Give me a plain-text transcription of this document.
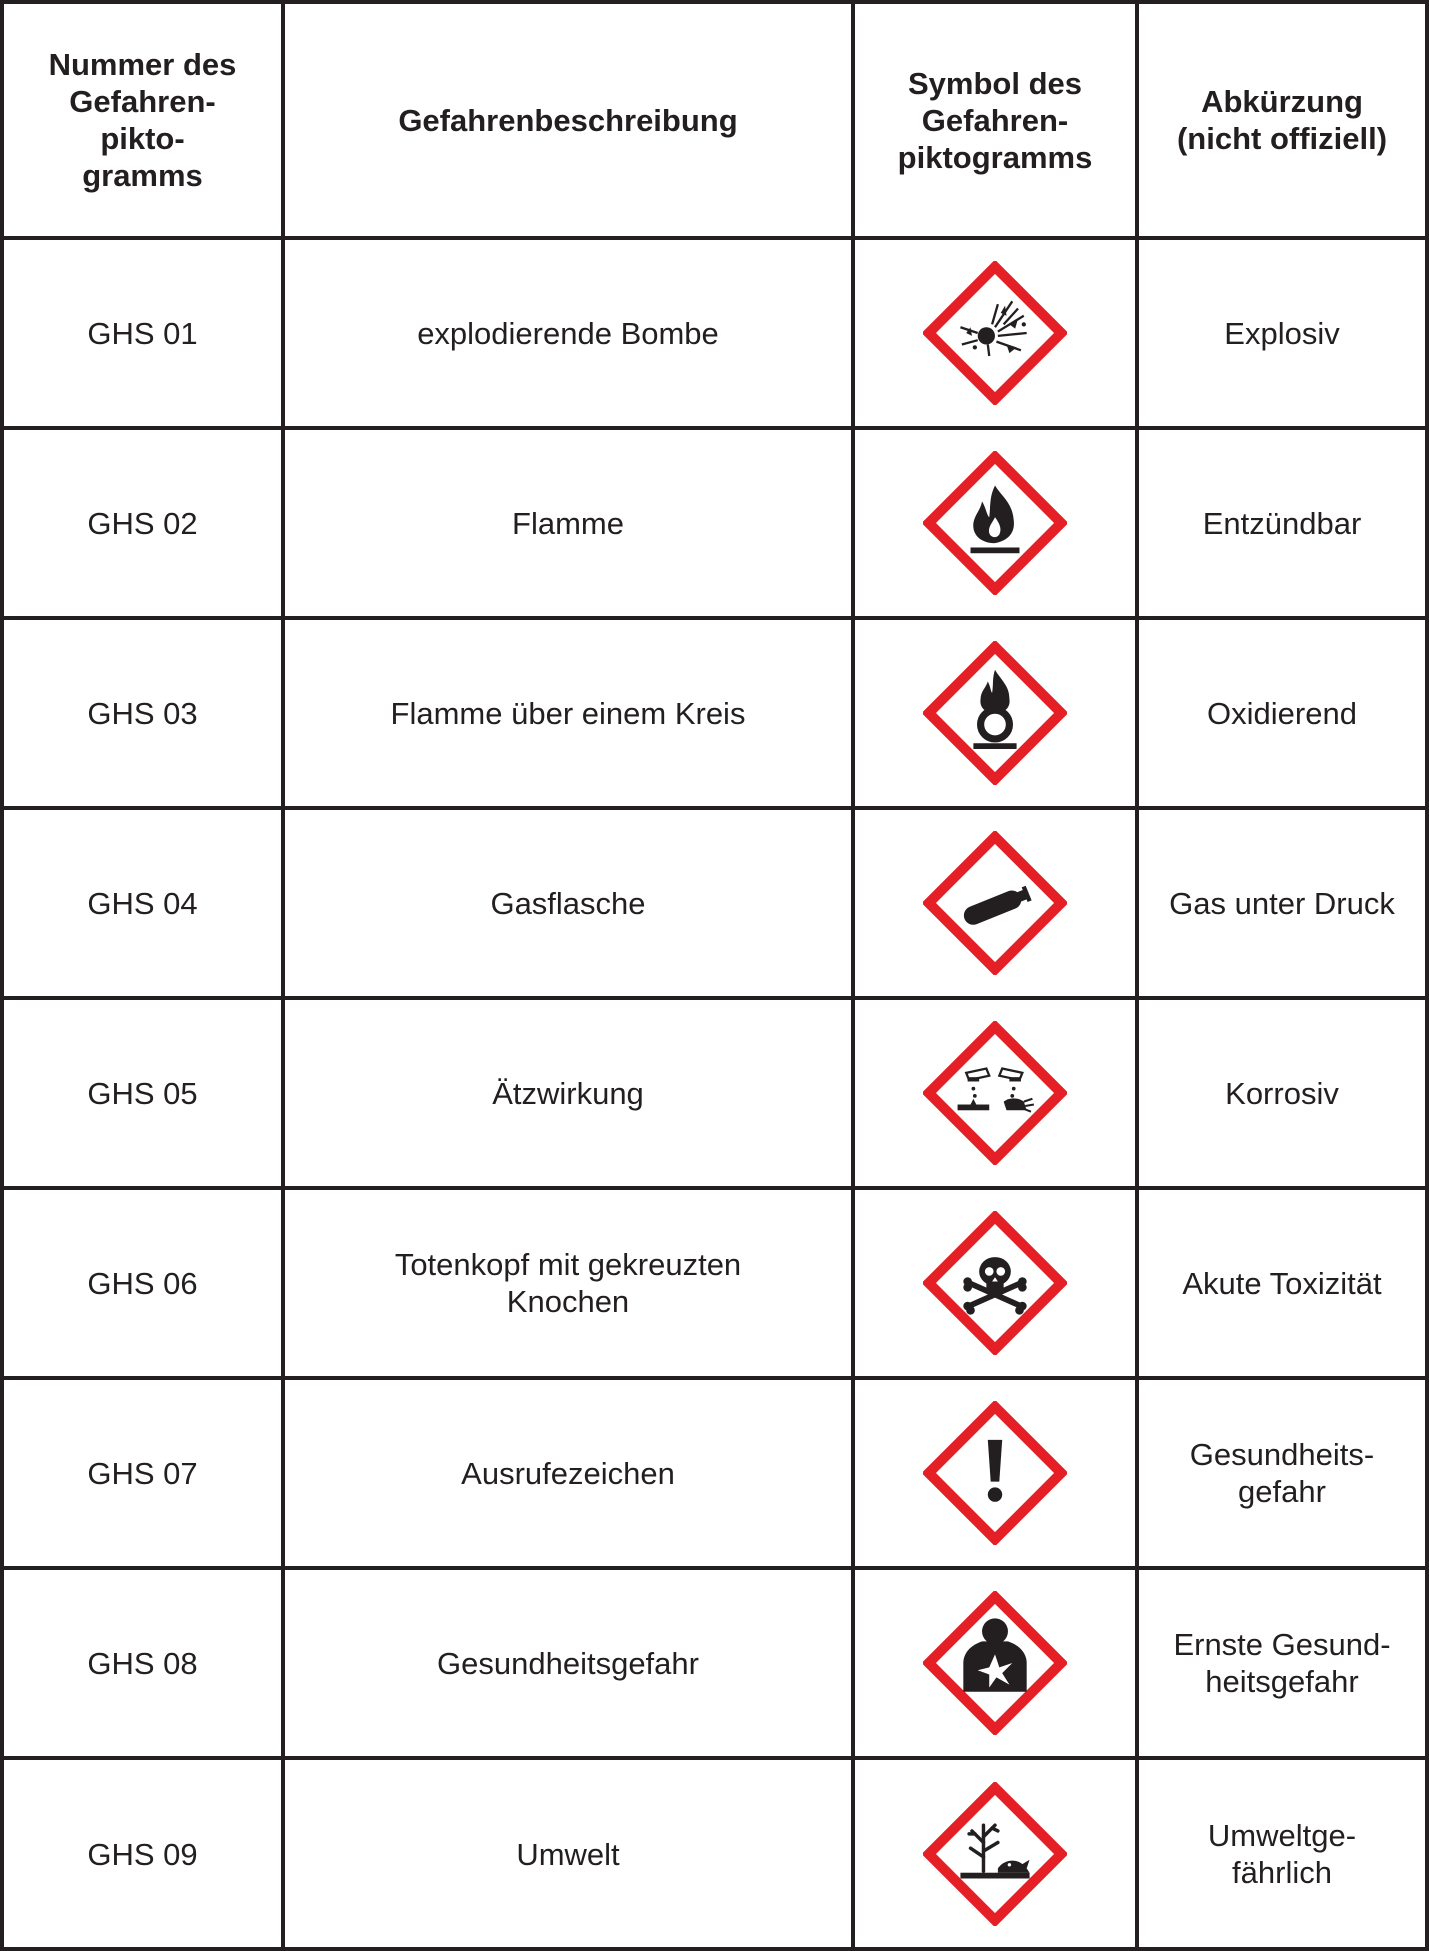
Nummer des
Gefahren-
pikto-
gramms	Gefahrenbeschreibung	Symbol des
Gefahren-
piktogramms	Abkürzung
(nicht offiziell)
GHS 01	explodierende Bombe		Explosiv
GHS 02	Flamme		Entzündbar
GHS 03	Flamme über einem Kreis		Oxidierend
GHS 04	Gasflasche		Gas unter Druck
GHS 05	Ätzwirkung		Korrosiv
GHS 06	Totenkopf mit gekreuzten
Knochen		Akute Toxizität
GHS 07	Ausrufezeichen		Gesundheits-
gefahr
GHS 08	Gesundheitsgefahr		Ernste Gesund-
heitsgefahr
GHS 09	Umwelt		Umweltge-
fährlich
